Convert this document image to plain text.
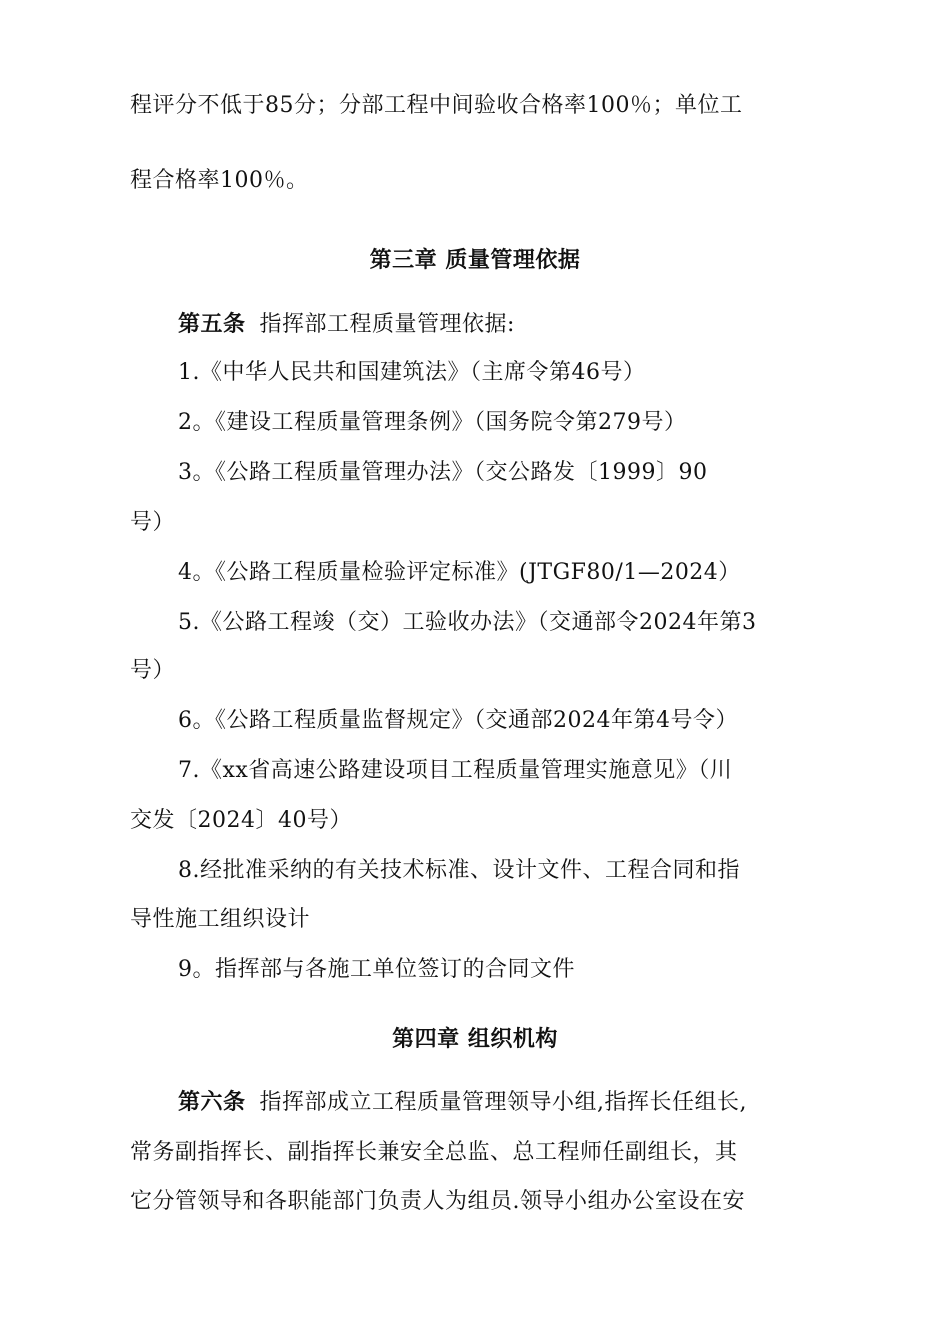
程评分不低于85分；分部工程中间验收合格率100％；单位工
程合格率100％。
第三章 质量管理依据
第五条 指挥部工程质量管理依据:
1.《中华人民共和国建筑法》（主席令第46号）
2。《建设工程质量管理条例》（国务院令第279号）
3。《公路工程质量管理办法》（交公路发〔1999〕90
号）
4。《公路工程质量检验评定标准》(JTGF80/1—2024）
5.《公路工程竣（交）工验收办法》（交通部令2024年第3
号）
6。《公路工程质量监督规定》（交通部2024年第4号令）
7.《xx省高速公路建设项目工程质量管理实施意见》（川
交发〔2024〕40号）
8.经批准采纳的有关技术标准、设计文件、工程合同和指
导性施工组织设计
9。指挥部与各施工单位签订的合同文件
第四章 组织机构
第六条 指挥部成立工程质量管理领导小组,指挥长任组长,
常务副指挥长、副指挥长兼安全总监、总工程师任副组长，其
它分管领导和各职能部门负责人为组员.领导小组办公室设在安
